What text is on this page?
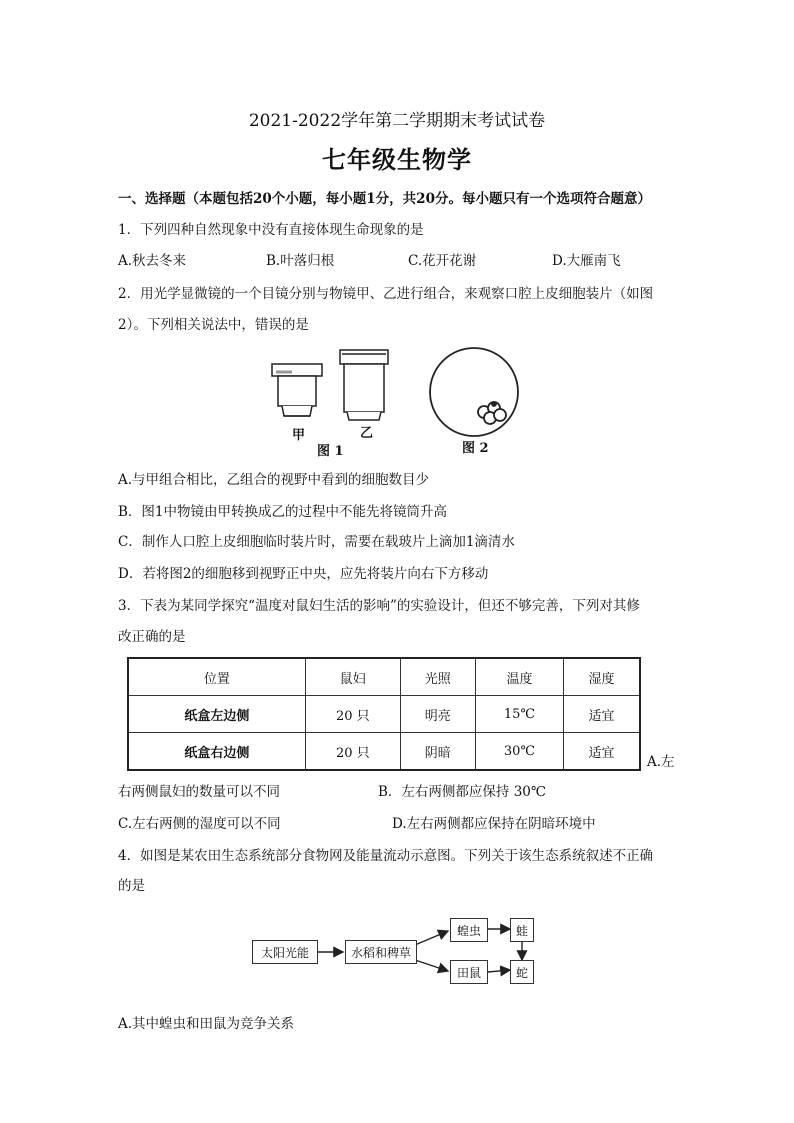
2021-2022学年第二学期期末考试试卷
七年级生物学
一、选择题（本题包括20个小题，每小题1分，共20分。每小题只有一个选项符合题意）
1．下列四种自然现象中没有直接体现生命现象的是
A.秋去冬来	B.叶落归根	C.花开花谢	D.大雁南飞
2．用光学显微镜的一个目镜分别与物镜甲、乙进行组合，来观察口腔上皮细胞装片（如图
2）。下列相关说法中，错误的是
甲	乙
图 1	图 2
A.与甲组合相比，乙组合的视野中看到的细胞数目少
B．图1中物镜由甲转换成乙的过程中不能先将镜筒升高
C．制作人口腔上皮细胞临时装片时，需要在载玻片上滴加1滴清水
D．若将图2的细胞移到视野正中央，应先将装片向右下方移动
3．下表为某同学探究“温度对鼠妇生活的影响”的实验设计，但还不够完善，下列对其修
改正确的是
位置	鼠妇	光照	温度	湿度
纸盒左边侧	20 只	明亮	15℃	适宜
纸盒右边侧	20 只	阴暗	30℃	适宜
A.左
右两侧鼠妇的数量可以不同	B．左右两侧都应保持 30℃
C.左右两侧的湿度可以不同	D.左右两侧都应保持在阴暗环境中
4．如图是某农田生态系统部分食物网及能量流动示意图。下列关于该生态系统叙述不正确
的是
太阳光能	水稻和稗草
蝗虫	蛙
田鼠	蛇
A.其中蝗虫和田鼠为竞争关系
